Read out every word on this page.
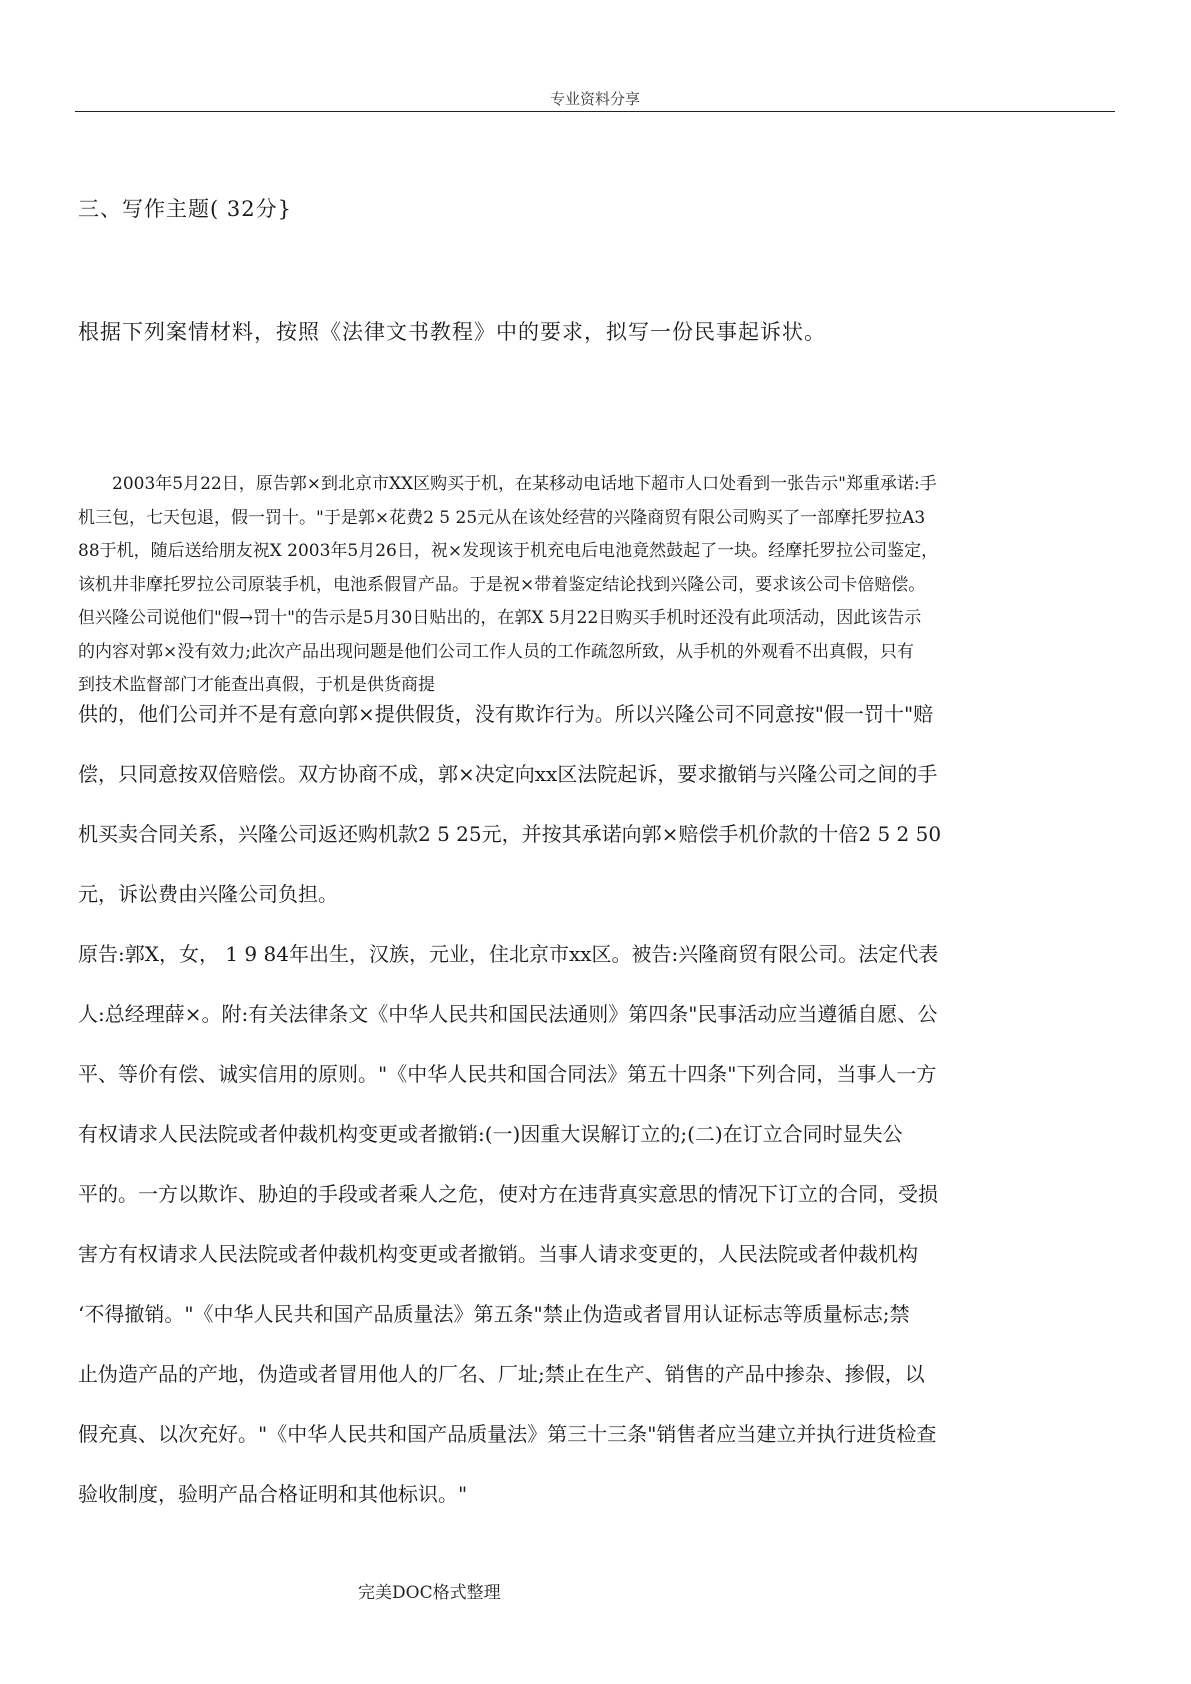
专业资料分享
三、写作主题( 32分}
根据下列案情材料，按照《法律文书教程》中的要求，拟写一份民事起诉状。
　　2003年5月22日，原告郭×到北京市XX区购买于机，在某移动电话地下超市人口处看到一张告示"郑重承诺:手
机三包，七天包退，假一罚十。"于是郭×花费2 5 25元从在该处经营的兴隆商贸有限公司购买了一部摩托罗拉A3
88于机，随后送给朋友祝X 2003年5月26日，祝×发现该于机充电后电池竟然鼓起了一块。经摩托罗拉公司鉴定，
该机井非摩托罗拉公司原装手机，电池系假冒产品。于是祝×带着鉴定结论找到兴隆公司，要求该公司卡倍赔偿。
但兴隆公司说他们"假→罚十"的告示是5月30日贴出的，在郭X 5月22日购买手机时还没有此项活动，因此该告示
的内容对郭×没有效力;此次产品出现问题是他们公司工作人员的工作疏忽所致，从手机的外观看不出真假，只有
到技术监督部门才能查出真假，于机是供货商提
供的，他们公司并不是有意向郭×提供假货，没有欺诈行为。所以兴隆公司不同意按"假一罚十"赔
偿，只同意按双倍赔偿。双方协商不成，郭×决定向xx区法院起诉，要求撤销与兴隆公司之间的手
机买卖合同关系，兴隆公司返还购机款2 5 25元，并按其承诺向郭×赔偿手机价款的十倍2 5 2 50
元，诉讼费由兴隆公司负担。
原告:郭X，女， 1 9 84年出生，汉族，元业，住北京市xx区。被告:兴隆商贸有限公司。法定代表
人:总经理薛×。附:有关法律条文《中华人民共和国民法通则》第四条"民事活动应当遵循自愿、公
平、等价有偿、诚实信用的原则。"《中华人民共和国合同法》第五十四条"下列合同，当事人一方
有权请求人民法院或者仲裁机构变更或者撤销:(一)因重大误解订立的;(二)在订立合同时显失公
平的。一方以欺诈、胁迫的手段或者乘人之危，使对方在违背真实意思的情况下订立的合同，受损
害方有权请求人民法院或者仲裁机构变更或者撤销。当事人请求变更的，人民法院或者仲裁机构
‘不得撤销。"《中华人民共和国产品质量法》第五条"禁止伪造或者冒用认证标志等质量标志;禁
止伪造产品的产地，伪造或者冒用他人的厂名、厂址;禁止在生产、销售的产品中掺杂、掺假，以
假充真、以次充好。"《中华人民共和国产品质量法》第三十三条"销售者应当建立并执行进货检查
验收制度，验明产品合格证明和其他标识。"
完美DOC格式整理
